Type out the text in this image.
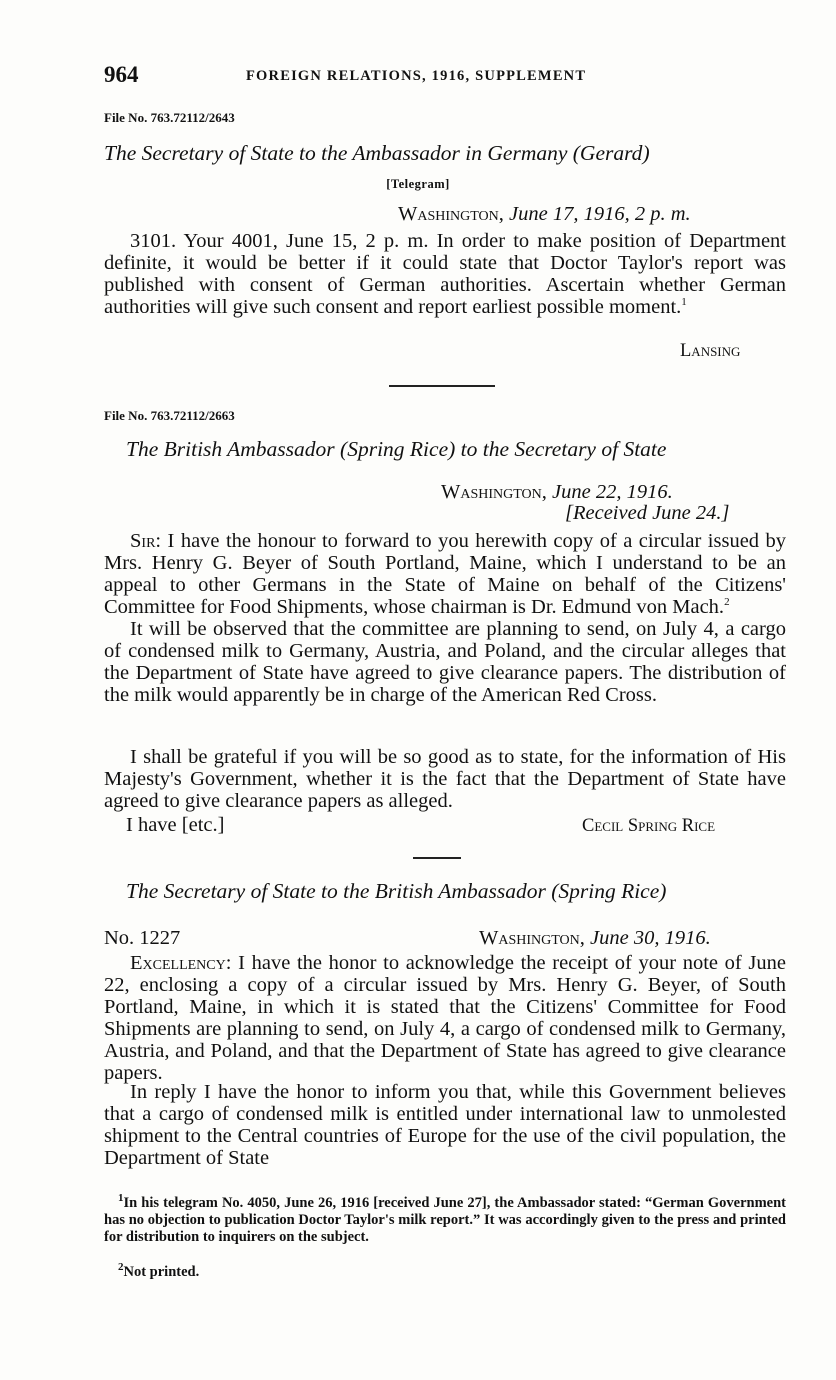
964	FOREIGN RELATIONS, 1916, SUPPLEMENT
File No. 763.72112/2643
The Secretary of State to the Ambassador in Germany (Gerard)
[Telegram]
Washington, June 17, 1916, 2 p. m.

3101. Your 4001, June 15, 2 p. m. In order to make position of Department definite, it would be better if it could state that Doctor Taylor's report was published with consent of German authorities. Ascertain whether German authorities will give such consent and report earliest possible moment.$^1$

Lansing
File No. 763.72112/2663
The British Ambassador (Spring Rice) to the Secretary of State
Washington, June 22, 1916.
[Received June 24.]

Sir: I have the honour to forward to you herewith copy of a circular issued by Mrs. Henry G. Beyer of South Portland, Maine, which I understand to be an appeal to other Germans in the State of Maine on behalf of the Citizens' Committee for Food Shipments, whose chairman is Dr. Edmund von Mach.$^2$

It will be observed that the committee are planning to send, on July 4, a cargo of condensed milk to Germany, Austria, and Poland, and the circular alleges that the Department of State have agreed to give clearance papers. The distribution of the milk would apparently be in charge of the American Red Cross.

I shall be grateful if you will be so good as to state, for the information of His Majesty's Government, whether it is the fact that the Department of State have agreed to give clearance papers as alleged.

I have [etc.]	Cecil Spring Rice
The Secretary of State to the British Ambassador (Spring Rice)
No. 1227	Washington, June 30, 1916.

Excellency: I have the honor to acknowledge the receipt of your note of June 22, enclosing a copy of a circular issued by Mrs. Henry G. Beyer, of South Portland, Maine, in which it is stated that the Citizens' Committee for Food Shipments are planning to send, on July 4, a cargo of condensed milk to Germany, Austria, and Poland, and that the Department of State has agreed to give clearance papers.

In reply I have the honor to inform you that, while this Government believes that a cargo of condensed milk is entitled under international law to unmolested shipment to the Central countries of Europe for the use of the civil population, the Department of State

$^1$In his telegram No. 4050, June 26, 1916 [received June 27], the Ambassador stated: “German Government has no objection to publication Doctor Taylor's milk report.” It was accordingly given to the press and printed for distribution to inquirers on the subject.

$^2$Not printed.
